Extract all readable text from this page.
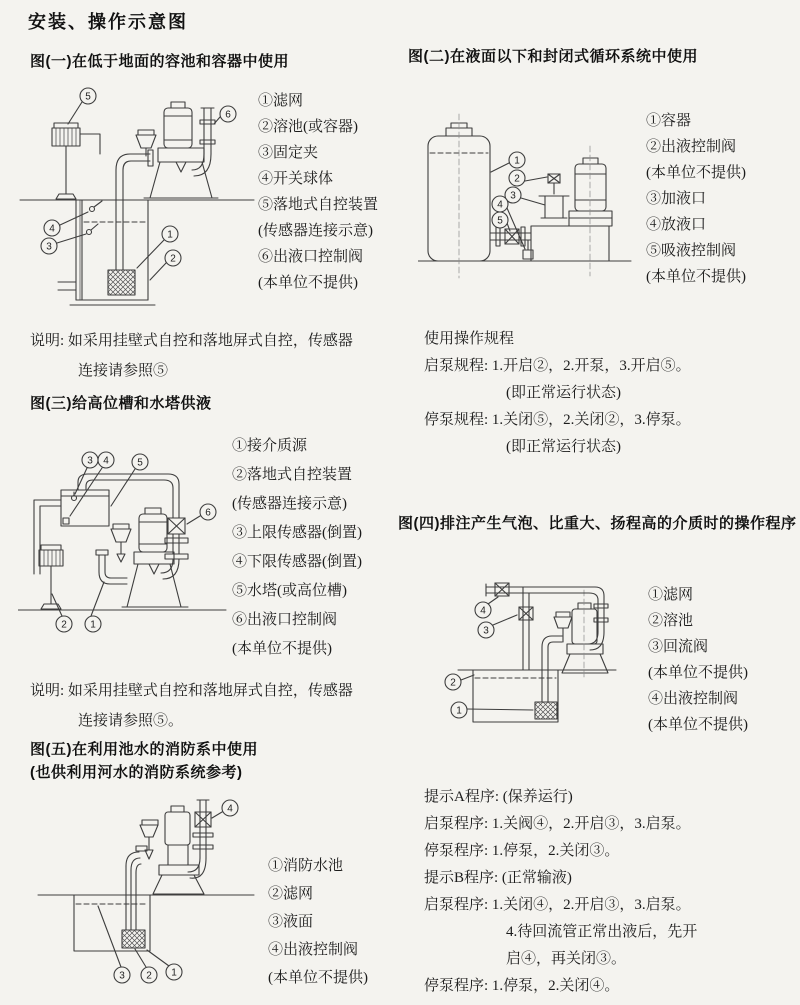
安装、操作示意图
图(一)在低于地面的容池和容器中使用
5
6
4
3
1
2
①滤网
②溶池(或容器)
③固定夹
④开关球体
⑤落地式自控装置
(传感器连接示意)
⑥出液口控制阀
(本单位不提供)
说明: 如采用挂壁式自控和落地屏式自控，传感器
连接请参照⑤
图(三)给高位槽和水塔供液
3 4	5
6
2 1
①接介质源
②落地式自控装置
(传感器连接示意)
③上限传感器(倒置)
④下限传感器(倒置)
⑤水塔(或高位槽)
⑥出液口控制阀
(本单位不提供)
说明: 如采用挂壁式自控和落地屏式自控，传感器
连接请参照⑤。
图(五)在利用池水的消防系中使用
(也供利用河水的消防系统参考)
4
3 2 1
①消防水池
②滤网
③液面
④出液控制阀
(本单位不提供)
图(二)在液面以下和封闭式循环系统中使用
1
2
3
4
5
①容器
②出液控制阀
(本单位不提供)
③加液口
④放液口
⑤吸液控制阀
(本单位不提供)
使用操作规程
启泵规程: 1.开启②，2.开泵，3.开启⑤。
(即正常运行状态)
停泵规程: 1.关闭⑤，2.关闭②，3.停泵。
(即正常运行状态)
图(四)排注产生气泡、比重大、扬程高的介质时的操作程序
4
3
2
1
①滤网
②溶池
③回流阀
(本单位不提供)
④出液控制阀
(本单位不提供)
提示A程序: (保养运行)
启泵程序: 1.关阀④，2.开启③，3.启泵。
停泵程序: 1.停泵，2.关闭③。
提示B程序: (正常输液)
启泵程序: 1.关闭④，2.开启③，3.启泵。
4.待回流管正常出液后，先开
启④，再关闭③。
停泵程序: 1.停泵，2.关闭④。
